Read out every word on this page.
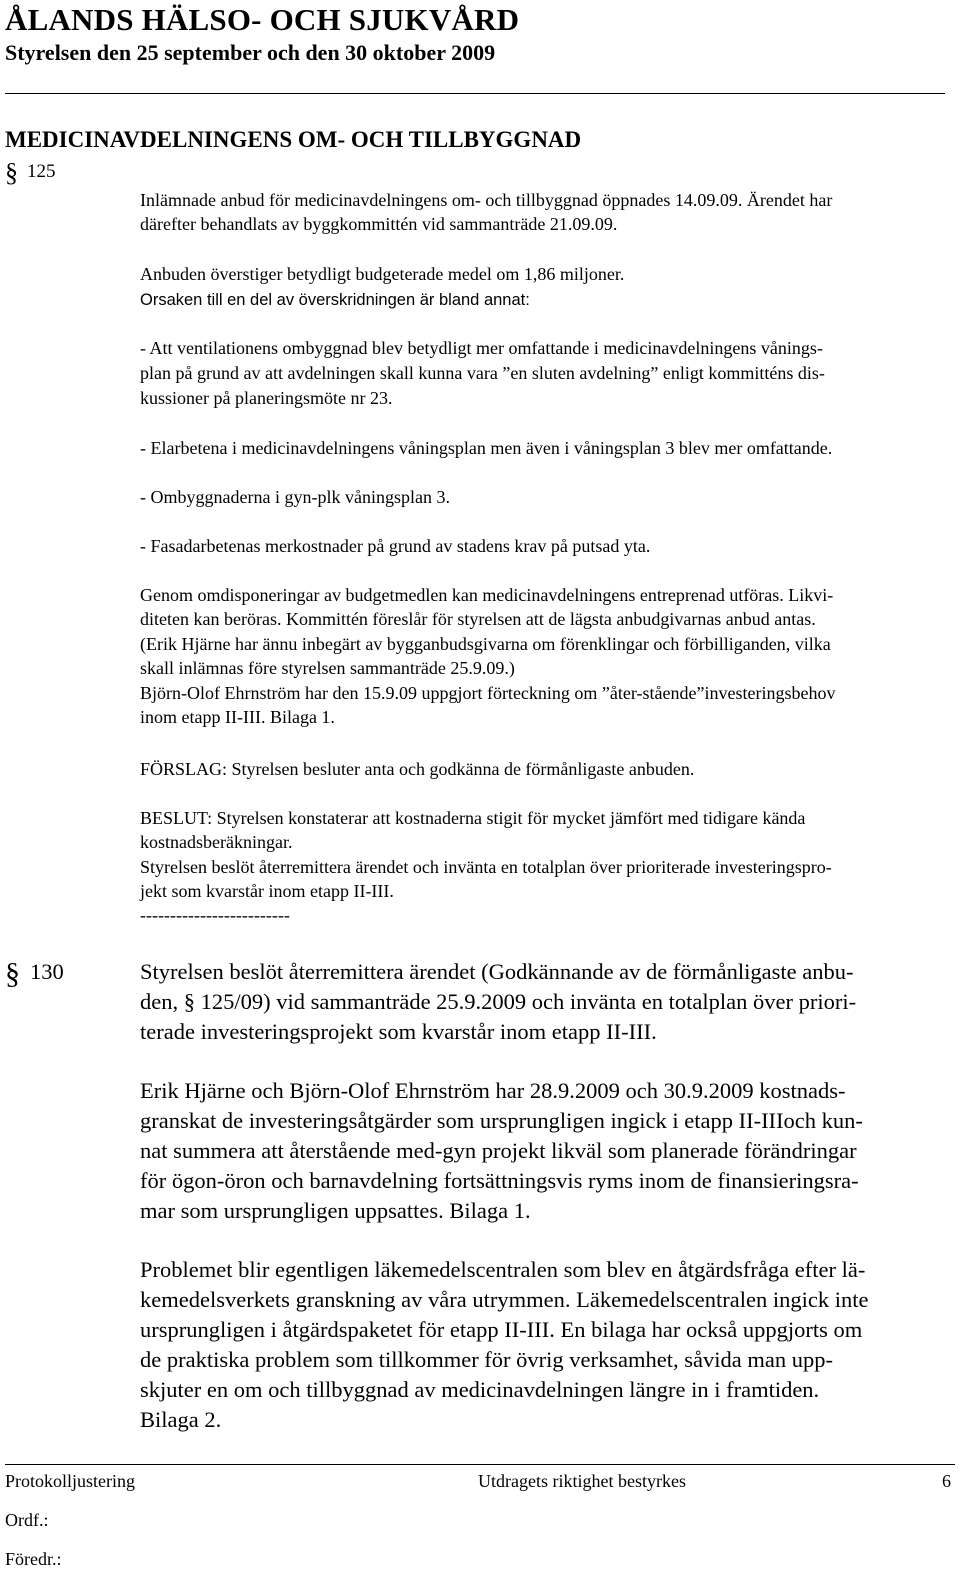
ÅLANDS HÄLSO- OCH SJUKVÅRD
Styrelsen den 25 september och den 30 oktober 2009
MEDICINAVDELNINGENS OM- OCH TILLBYGGNAD
§ 125
Inlämnade anbud för medicinavdelningens om- och tillbyggnad öppnades 14.09.09. Ärendet har
därefter behandlats av byggkommittén vid sammanträde 21.09.09.
Anbuden överstiger betydligt budgeterade medel om 1,86 miljoner.
Orsaken till en del av överskridningen är bland annat:
- Att ventilationens ombyggnad blev betydligt mer omfattande i medicinavdelningens vånings-
plan på grund av att avdelningen skall kunna vara ”en sluten avdelning” enligt kommitténs dis-
kussioner på planeringsmöte nr 23.
- Elarbetena i medicinavdelningens våningsplan men även i våningsplan 3 blev mer omfattande.
- Ombyggnaderna i gyn-plk våningsplan 3.
- Fasadarbetenas merkostnader på grund av stadens krav på putsad yta.
Genom omdisponeringar av budgetmedlen kan medicinavdelningens entreprenad utföras. Likvi-
diteten kan beröras. Kommittén föreslår för styrelsen att de lägsta anbudgivarnas anbud antas.
(Erik Hjärne har ännu inbegärt av bygganbudsgivarna om förenklingar och förbilliganden, vilka
skall inlämnas före styrelsen sammanträde 25.9.09.)
Björn-Olof Ehrnström har den 15.9.09 uppgjort förteckning om ”åter-stående”investeringsbehov
inom etapp II-III. Bilaga 1.
FÖRSLAG: Styrelsen besluter anta och godkänna de förmånligaste anbuden.
BESLUT: Styrelsen konstaterar att kostnaderna stigit för mycket jämfört med tidigare kända
kostnadsberäkningar.
Styrelsen beslöt återremittera ärendet och invänta en totalplan över prioriterade investeringspro-
jekt som kvarstår inom etapp II-III.
-------------------------
§ 130	Styrelsen beslöt återremittera ärendet (Godkännande av de förmånligaste anbu-
den, § 125/09) vid sammanträde 25.9.2009 och invänta en totalplan över priori-
terade investeringsprojekt som kvarstår inom etapp II-III.
Erik Hjärne och Björn-Olof Ehrnström har 28.9.2009 och 30.9.2009 kostnads-
granskat de investeringsåtgärder som ursprungligen ingick i etapp II-IIIoch kun-
nat summera att återstående med-gyn projekt likväl som planerade förändringar
för ögon-öron och barnavdelning fortsättningsvis ryms inom de finansieringsra-
mar som ursprungligen uppsattes. Bilaga 1.
Problemet blir egentligen läkemedelscentralen som blev en åtgärdsfråga efter lä-
kemedelsverkets granskning av våra utrymmen. Läkemedelscentralen ingick inte
ursprungligen i åtgärdspaketet för etapp II-III. En bilaga har också uppgjorts om
de praktiska problem som tillkommer för övrig verksamhet, såvida man upp-
skjuter en om och tillbyggnad av medicinavdelningen längre in i framtiden.
Bilaga 2.
Protokolljustering	Utdragets riktighet bestyrkes	6
Ordf.:
Föredr.:
